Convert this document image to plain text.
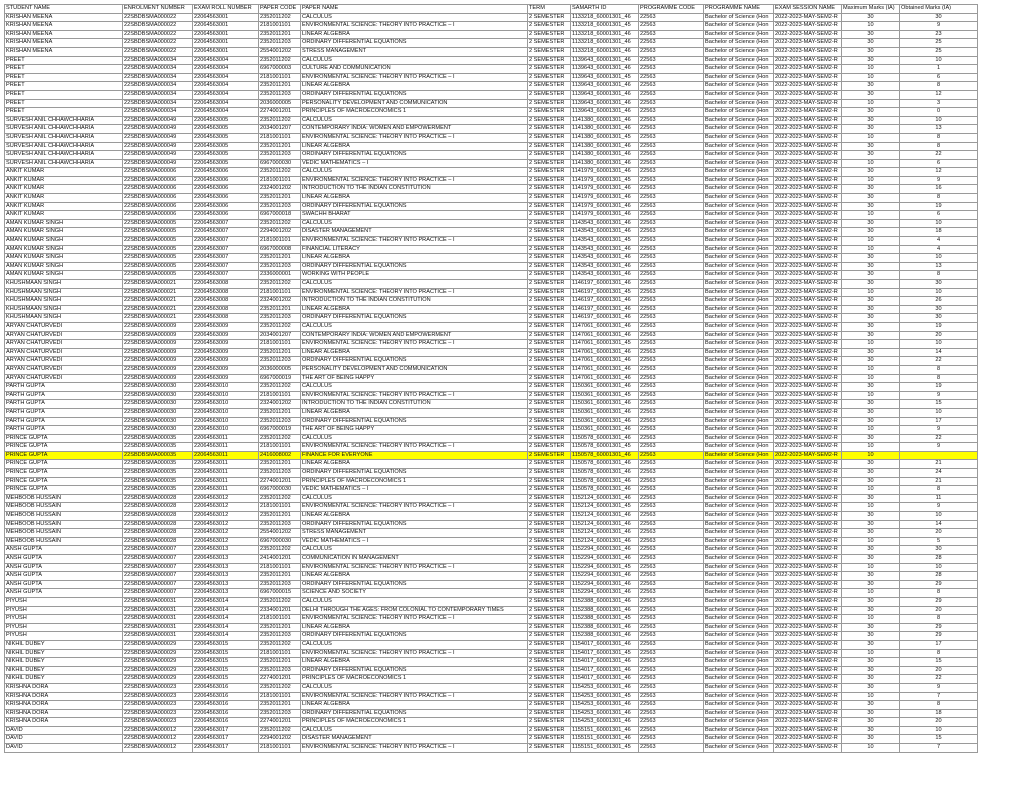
STUDENT NAME	ENROLMENT NUMBER	EXAM ROLL NUMBER	PAPER CODE	PAPER NAME	TERM	SAMARTH ID	PROGRAMME CODE	PROGRAMME NAME	EXAM SESSION NAME	Maximum Marks (IA)	Obtained Marks (IA)
KRISHAN MEENA	22SBDBSMA000022	22064563001	2352011202	CALCULUS	2 SEMESTER	1133218_60001301_46	22563	Bachelor of Science (Hon	2022-2023-MAY-SEM2-R	30	30
KRISHAN MEENA	22SBDBSMA000022	22064563001	2181001101	ENVIRONMENTAL SCIENCE: THEORY INTO PRACTICE – I	2 SEMESTER	1133218_60001301_45	22563	Bachelor of Science (Hon	2022-2023-MAY-SEM2-R	10	9
KRISHAN MEENA	22SBDBSMA000022	22064563001	2352011201	LINEAR ALGEBRA	2 SEMESTER	1133218_60001301_46	22563	Bachelor of Science (Hon	2022-2023-MAY-SEM2-R	30	23
KRISHAN MEENA	22SBDBSMA000022	22064563001	2352011203	ORDINARY DIFFERENTIAL EQUATIONS	2 SEMESTER	1133218_60001301_46	22563	Bachelor of Science (Hon	2022-2023-MAY-SEM2-R	30	25
KRISHAN MEENA	22SBDBSMA000022	22064563001	2554001202	STRESS MANAGEMENT	2 SEMESTER	1133218_60001301_46	22563	Bachelor of Science (Hon	2022-2023-MAY-SEM2-R	30	25
PREET	22SBDBSMA000034	22064563004	2352011202	CALCULUS	2 SEMESTER	1139643_60001301_46	22563	Bachelor of Science (Hon	2022-2023-MAY-SEM2-R	30	10
PREET	22SBDBSMA000034	22064563004	6967000003	CULTURE AND COMMUNICATION	2 SEMESTER	1139643_60001301_46	22563	Bachelor of Science (Hon	2022-2023-MAY-SEM2-R	10	1
PREET	22SBDBSMA000034	22064563004	2181001101	ENVIRONMENTAL SCIENCE: THEORY INTO PRACTICE – I	2 SEMESTER	1139643_60001301_45	22563	Bachelor of Science (Hon	2022-2023-MAY-SEM2-R	10	6
PREET	22SBDBSMA000034	22064563004	2352011201	LINEAR ALGEBRA	2 SEMESTER	1139643_60001301_46	22563	Bachelor of Science (Hon	2022-2023-MAY-SEM2-R	30	8
PREET	22SBDBSMA000034	22064563004	2352011203	ORDINARY DIFFERENTIAL EQUATIONS	2 SEMESTER	1139643_60001301_46	22563	Bachelor of Science (Hon	2022-2023-MAY-SEM2-R	30	12
PREET	22SBDBSMA000034	22064563004	2036000005	PERSONALITY DEVELOPMENT AND COMMUNICATION	2 SEMESTER	1139643_60001301_46	22563	Bachelor of Science (Hon	2022-2023-MAY-SEM2-R	10	3
PREET	22SBDBSMA000034	22064563004	2274001201	PRINCIPLES OF MACROECONOMICS 1	2 SEMESTER	1139643_60001301_46	22563	Bachelor of Science (Hon	2022-2023-MAY-SEM2-R	30	0
SURVESH ANIL CHHAWCHHARIA	22SBDBSMA000049	22064563005	2352011202	CALCULUS	2 SEMESTER	1141380_60001301_46	22563	Bachelor of Science (Hon	2022-2023-MAY-SEM2-R	30	10
SURVESH ANIL CHHAWCHHARIA	22SBDBSMA000049	22064563005	2034001207	CONTEMPORARY INDIA: WOMEN AND EMPOWERMENT	2 SEMESTER	1141380_60001301_46	22563	Bachelor of Science (Hon	2022-2023-MAY-SEM2-R	30	13
SURVESH ANIL CHHAWCHHARIA	22SBDBSMA000049	22064563005	2181001101	ENVIRONMENTAL SCIENCE: THEORY INTO PRACTICE – I	2 SEMESTER	1141380_60001301_45	22563	Bachelor of Science (Hon	2022-2023-MAY-SEM2-R	10	8
SURVESH ANIL CHHAWCHHARIA	22SBDBSMA000049	22064563005	2352011201	LINEAR ALGEBRA	2 SEMESTER	1141380_60001301_46	22563	Bachelor of Science (Hon	2022-2023-MAY-SEM2-R	30	8
SURVESH ANIL CHHAWCHHARIA	22SBDBSMA000049	22064563005	2352011203	ORDINARY DIFFERENTIAL EQUATIONS	2 SEMESTER	1141380_60001301_46	22563	Bachelor of Science (Hon	2022-2023-MAY-SEM2-R	30	22
SURVESH ANIL CHHAWCHHARIA	22SBDBSMA000049	22064563005	6967000030	VEDIC MATHEMATICS – I	2 SEMESTER	1141380_60001301_46	22563	Bachelor of Science (Hon	2022-2023-MAY-SEM2-R	10	6
ANKIT KUMAR	22SBDBSMA000006	22064563006	2352011202	CALCULUS	2 SEMESTER	1141979_60001301_46	22563	Bachelor of Science (Hon	2022-2023-MAY-SEM2-R	30	12
ANKIT KUMAR	22SBDBSMA000006	22064563006	2181001101	ENVIRONMENTAL SCIENCE: THEORY INTO PRACTICE – I	2 SEMESTER	1141979_60001301_45	22563	Bachelor of Science (Hon	2022-2023-MAY-SEM2-R	10	9
ANKIT KUMAR	22SBDBSMA000006	22064563006	2324001202	INTRODUCTION TO THE INDIAN CONSTITUTION	2 SEMESTER	1141979_60001301_46	22563	Bachelor of Science (Hon	2022-2023-MAY-SEM2-R	30	16
ANKIT KUMAR	22SBDBSMA000006	22064563006	2352011201	LINEAR ALGEBRA	2 SEMESTER	1141979_60001301_46	22563	Bachelor of Science (Hon	2022-2023-MAY-SEM2-R	30	8
ANKIT KUMAR	22SBDBSMA000006	22064563006	2352011203	ORDINARY DIFFERENTIAL EQUATIONS	2 SEMESTER	1141979_60001301_46	22563	Bachelor of Science (Hon	2022-2023-MAY-SEM2-R	30	19
ANKIT KUMAR	22SBDBSMA000006	22064563006	6967000018	SWACHH BHARAT	2 SEMESTER	1141979_60001301_46	22563	Bachelor of Science (Hon	2022-2023-MAY-SEM2-R	10	6
AMAN KUMAR SINGH	22SBDBSMA000005	22064563007	2352011202	CALCULUS	2 SEMESTER	1143543_60001301_46	22563	Bachelor of Science (Hon	2022-2023-MAY-SEM2-R	30	10
AMAN KUMAR SINGH	22SBDBSMA000005	22064563007	2294001202	DISASTER MANAGEMENT	2 SEMESTER	1143543_60001301_46	22563	Bachelor of Science (Hon	2022-2023-MAY-SEM2-R	30	18
AMAN KUMAR SINGH	22SBDBSMA000005	22064563007	2181001101	ENVIRONMENTAL SCIENCE: THEORY INTO PRACTICE – I	2 SEMESTER	1143543_60001301_45	22563	Bachelor of Science (Hon	2022-2023-MAY-SEM2-R	10	4
AMAN KUMAR SINGH	22SBDBSMA000005	22064563007	6967000008	FINANCIAL LITERACY	2 SEMESTER	1143543_60001301_46	22563	Bachelor of Science (Hon	2022-2023-MAY-SEM2-R	10	4
AMAN KUMAR SINGH	22SBDBSMA000005	22064563007	2352011201	LINEAR ALGEBRA	2 SEMESTER	1143543_60001301_46	22563	Bachelor of Science (Hon	2022-2023-MAY-SEM2-R	30	10
AMAN KUMAR SINGH	22SBDBSMA000005	22064563007	2352011203	ORDINARY DIFFERENTIAL EQUATIONS	2 SEMESTER	1143543_60001301_46	22563	Bachelor of Science (Hon	2022-2023-MAY-SEM2-R	30	13
AMAN KUMAR SINGH	22SBDBSMA000005	22064563007	2336000001	WORKING WITH PEOPLE	2 SEMESTER	1143543_60001301_46	22563	Bachelor of Science (Hon	2022-2023-MAY-SEM2-R	30	8
KHUSHMAAN SINGH	22SBDBSMA000021	22064563008	2352011202	CALCULUS	2 SEMESTER	1146197_60001301_46	22563	Bachelor of Science (Hon	2022-2023-MAY-SEM2-R	30	30
KHUSHMAAN SINGH	22SBDBSMA000021	22064563008	2181001101	ENVIRONMENTAL SCIENCE: THEORY INTO PRACTICE – I	2 SEMESTER	1146197_60001301_45	22563	Bachelor of Science (Hon	2022-2023-MAY-SEM2-R	10	10
KHUSHMAAN SINGH	22SBDBSMA000021	22064563008	2324001202	INTRODUCTION TO THE INDIAN CONSTITUTION	2 SEMESTER	1146197_60001301_46	22563	Bachelor of Science (Hon	2022-2023-MAY-SEM2-R	30	26
KHUSHMAAN SINGH	22SBDBSMA000021	22064563008	2352011201	LINEAR ALGEBRA	2 SEMESTER	1146197_60001301_46	22563	Bachelor of Science (Hon	2022-2023-MAY-SEM2-R	30	30
KHUSHMAAN SINGH	22SBDBSMA000021	22064563008	2352011203	ORDINARY DIFFERENTIAL EQUATIONS	2 SEMESTER	1146197_60001301_46	22563	Bachelor of Science (Hon	2022-2023-MAY-SEM2-R	30	30
ARYAN CHATURVEDI	22SBDBSMA000009	22064563009	2352011202	CALCULUS	2 SEMESTER	1147061_60001301_46	22563	Bachelor of Science (Hon	2022-2023-MAY-SEM2-R	30	19
ARYAN CHATURVEDI	22SBDBSMA000009	22064563009	2034001207	CONTEMPORARY INDIA: WOMEN AND EMPOWERMENT	2 SEMESTER	1147061_60001301_46	22563	Bachelor of Science (Hon	2022-2023-MAY-SEM2-R	30	20
ARYAN CHATURVEDI	22SBDBSMA000009	22064563009	2181001101	ENVIRONMENTAL SCIENCE: THEORY INTO PRACTICE – I	2 SEMESTER	1147061_60001301_45	22563	Bachelor of Science (Hon	2022-2023-MAY-SEM2-R	10	10
ARYAN CHATURVEDI	22SBDBSMA000009	22064563009	2352011201	LINEAR ALGEBRA	2 SEMESTER	1147061_60001301_46	22563	Bachelor of Science (Hon	2022-2023-MAY-SEM2-R	30	14
ARYAN CHATURVEDI	22SBDBSMA000009	22064563009	2352011203	ORDINARY DIFFERENTIAL EQUATIONS	2 SEMESTER	1147061_60001301_46	22563	Bachelor of Science (Hon	2022-2023-MAY-SEM2-R	30	22
ARYAN CHATURVEDI	22SBDBSMA000009	22064563009	2036000005	PERSONALITY DEVELOPMENT AND COMMUNICATION	2 SEMESTER	1147061_60001301_46	22563	Bachelor of Science (Hon	2022-2023-MAY-SEM2-R	10	8
ARYAN CHATURVEDI	22SBDBSMA000009	22064563009	6967000019	THE ART OF BEING HAPPY	2 SEMESTER	1147061_60001301_46	22563	Bachelor of Science (Hon	2022-2023-MAY-SEM2-R	10	8
PARTH GUPTA	22SBDBSMA000030	22064563010	2352011202	CALCULUS	2 SEMESTER	1150361_60001301_46	22563	Bachelor of Science (Hon	2022-2023-MAY-SEM2-R	30	19
PARTH GUPTA	22SBDBSMA000030	22064563010	2181001101	ENVIRONMENTAL SCIENCE: THEORY INTO PRACTICE – I	2 SEMESTER	1150361_60001301_45	22563	Bachelor of Science (Hon	2022-2023-MAY-SEM2-R	10	9
PARTH GUPTA	22SBDBSMA000030	22064563010	2324001202	INTRODUCTION TO THE INDIAN CONSTITUTION	2 SEMESTER	1150361_60001301_46	22563	Bachelor of Science (Hon	2022-2023-MAY-SEM2-R	30	15
PARTH GUPTA	22SBDBSMA000030	22064563010	2352011201	LINEAR ALGEBRA	2 SEMESTER	1150361_60001301_46	22563	Bachelor of Science (Hon	2022-2023-MAY-SEM2-R	30	10
PARTH GUPTA	22SBDBSMA000030	22064563010	2352011203	ORDINARY DIFFERENTIAL EQUATIONS	2 SEMESTER	1150361_60001301_46	22563	Bachelor of Science (Hon	2022-2023-MAY-SEM2-R	30	17
PARTH GUPTA	22SBDBSMA000030	22064563010	6967000019	THE ART OF BEING HAPPY	2 SEMESTER	1150361_60001301_46	22563	Bachelor of Science (Hon	2022-2023-MAY-SEM2-R	10	9
PRINCE GUPTA	22SBDBSMA000035	22064563011	2352011202	CALCULUS	2 SEMESTER	1150578_60001301_46	22563	Bachelor of Science (Hon	2022-2023-MAY-SEM2-R	30	22
PRINCE GUPTA	22SBDBSMA000035	22064563011	2181001101	ENVIRONMENTAL SCIENCE: THEORY INTO PRACTICE – I	2 SEMESTER	1150578_60001301_45	22563	Bachelor of Science (Hon	2022-2023-MAY-SEM2-R	10	9
PRINCE GUPTA	22SBDBSMA000035	22064563011	2416008002	FINANCE FOR EVERYONE	2 SEMESTER	1150578_60001301_46	22563	Bachelor of Science (Hon	2022-2023-MAY-SEM2-R	10	
PRINCE GUPTA	22SBDBSMA000035	22064563011	2352011201	LINEAR ALGEBRA	2 SEMESTER	1150578_60001301_46	22563	Bachelor of Science (Hon	2022-2023-MAY-SEM2-R	30	21
PRINCE GUPTA	22SBDBSMA000035	22064563011	2352011203	ORDINARY DIFFERENTIAL EQUATIONS	2 SEMESTER	1150578_60001301_46	22563	Bachelor of Science (Hon	2022-2023-MAY-SEM2-R	30	24
PRINCE GUPTA	22SBDBSMA000035	22064563011	2274001201	PRINCIPLES OF MACROECONOMICS 1	2 SEMESTER	1150578_60001301_46	22563	Bachelor of Science (Hon	2022-2023-MAY-SEM2-R	30	21
PRINCE GUPTA	22SBDBSMA000035	22064563011	6967000030	VEDIC MATHEMATICS – I	2 SEMESTER	1150578_60001301_46	22563	Bachelor of Science (Hon	2022-2023-MAY-SEM2-R	10	8
MEHBOOB HUSSAIN	22SBDBSMA000028	22064563012	2352011202	CALCULUS	2 SEMESTER	1152124_60001301_46	22563	Bachelor of Science (Hon	2022-2023-MAY-SEM2-R	30	11
MEHBOOB HUSSAIN	22SBDBSMA000028	22064563012	2181001101	ENVIRONMENTAL SCIENCE: THEORY INTO PRACTICE – I	2 SEMESTER	1152124_60001301_45	22563	Bachelor of Science (Hon	2022-2023-MAY-SEM2-R	10	9
MEHBOOB HUSSAIN	22SBDBSMA000028	22064563012	2352011201	LINEAR ALGEBRA	2 SEMESTER	1152124_60001301_46	22563	Bachelor of Science (Hon	2022-2023-MAY-SEM2-R	30	10
MEHBOOB HUSSAIN	22SBDBSMA000028	22064563012	2352011203	ORDINARY DIFFERENTIAL EQUATIONS	2 SEMESTER	1152124_60001301_46	22563	Bachelor of Science (Hon	2022-2023-MAY-SEM2-R	30	14
MEHBOOB HUSSAIN	22SBDBSMA000028	22064563012	2554001202	STRESS MANAGEMENT	2 SEMESTER	1152124_60001301_46	22563	Bachelor of Science (Hon	2022-2023-MAY-SEM2-R	30	20
MEHBOOB HUSSAIN	22SBDBSMA000028	22064563012	6967000030	VEDIC MATHEMATICS – I	2 SEMESTER	1152124_60001301_46	22563	Bachelor of Science (Hon	2022-2023-MAY-SEM2-R	10	5
ANSH GUPTA	22SBDBSMA000007	22064563013	2352011202	CALCULUS	2 SEMESTER	1152294_60001301_46	22563	Bachelor of Science (Hon	2022-2023-MAY-SEM2-R	30	30
ANSH GUPTA	22SBDBSMA000007	22064563013	2414001201	COMMUNICATION IN MANAGEMENT	2 SEMESTER	1152294_60001301_46	22563	Bachelor of Science (Hon	2022-2023-MAY-SEM2-R	30	28
ANSH GUPTA	22SBDBSMA000007	22064563013	2181001101	ENVIRONMENTAL SCIENCE: THEORY INTO PRACTICE – I	2 SEMESTER	1152294_60001301_45	22563	Bachelor of Science (Hon	2022-2023-MAY-SEM2-R	10	10
ANSH GUPTA	22SBDBSMA000007	22064563013	2352011201	LINEAR ALGEBRA	2 SEMESTER	1152294_60001301_46	22563	Bachelor of Science (Hon	2022-2023-MAY-SEM2-R	30	28
ANSH GUPTA	22SBDBSMA000007	22064563013	2352011203	ORDINARY DIFFERENTIAL EQUATIONS	2 SEMESTER	1152294_60001301_46	22563	Bachelor of Science (Hon	2022-2023-MAY-SEM2-R	30	29
ANSH GUPTA	22SBDBSMA000007	22064563013	6967000015	SCIENCE AND SOCIETY	2 SEMESTER	1152294_60001301_46	22563	Bachelor of Science (Hon	2022-2023-MAY-SEM2-R	10	8
PIYUSH	22SBDBSMA000031	22064563014	2352011202	CALCULUS	2 SEMESTER	1152388_60001301_46	22563	Bachelor of Science (Hon	2022-2023-MAY-SEM2-R	30	29
PIYUSH	22SBDBSMA000031	22064563014	2334001201	DELHI THROUGH THE AGES: FROM COLONIAL TO CONTEMPORARY TIMES	2 SEMESTER	1152388_60001301_46	22563	Bachelor of Science (Hon	2022-2023-MAY-SEM2-R	30	20
PIYUSH	22SBDBSMA000031	22064563014	2181001101	ENVIRONMENTAL SCIENCE: THEORY INTO PRACTICE – I	2 SEMESTER	1152388_60001301_45	22563	Bachelor of Science (Hon	2022-2023-MAY-SEM2-R	10	8
PIYUSH	22SBDBSMA000031	22064563014	2352011201	LINEAR ALGEBRA	2 SEMESTER	1152388_60001301_46	22563	Bachelor of Science (Hon	2022-2023-MAY-SEM2-R	30	29
PIYUSH	22SBDBSMA000031	22064563014	2352011203	ORDINARY DIFFERENTIAL EQUATIONS	2 SEMESTER	1152388_60001301_46	22563	Bachelor of Science (Hon	2022-2023-MAY-SEM2-R	30	29
NIKHIL DUBEY	22SBDBSMA000029	22064563015	2352011202	CALCULUS	2 SEMESTER	1154017_60001301_46	22563	Bachelor of Science (Hon	2022-2023-MAY-SEM2-R	30	17
NIKHIL DUBEY	22SBDBSMA000029	22064563015	2181001101	ENVIRONMENTAL SCIENCE: THEORY INTO PRACTICE – I	2 SEMESTER	1154017_60001301_45	22563	Bachelor of Science (Hon	2022-2023-MAY-SEM2-R	10	8
NIKHIL DUBEY	22SBDBSMA000029	22064563015	2352011201	LINEAR ALGEBRA	2 SEMESTER	1154017_60001301_46	22563	Bachelor of Science (Hon	2022-2023-MAY-SEM2-R	30	15
NIKHIL DUBEY	22SBDBSMA000029	22064563015	2352011203	ORDINARY DIFFERENTIAL EQUATIONS	2 SEMESTER	1154017_60001301_46	22563	Bachelor of Science (Hon	2022-2023-MAY-SEM2-R	30	20
NIKHIL DUBEY	22SBDBSMA000029	22064563015	2274001201	PRINCIPLES OF MACROECONOMICS 1	2 SEMESTER	1154017_60001301_46	22563	Bachelor of Science (Hon	2022-2023-MAY-SEM2-R	30	22
KRISHNA DORA	22SBDBSMA000023	22064563016	2352011202	CALCULUS	2 SEMESTER	1154253_60001301_46	22563	Bachelor of Science (Hon	2022-2023-MAY-SEM2-R	30	9
KRISHNA DORA	22SBDBSMA000023	22064563016	2181001101	ENVIRONMENTAL SCIENCE: THEORY INTO PRACTICE – I	2 SEMESTER	1154253_60001301_45	22563	Bachelor of Science (Hon	2022-2023-MAY-SEM2-R	10	7
KRISHNA DORA	22SBDBSMA000023	22064563016	2352011201	LINEAR ALGEBRA	2 SEMESTER	1154253_60001301_46	22563	Bachelor of Science (Hon	2022-2023-MAY-SEM2-R	30	8
KRISHNA DORA	22SBDBSMA000023	22064563016	2352011203	ORDINARY DIFFERENTIAL EQUATIONS	2 SEMESTER	1154253_60001301_46	22563	Bachelor of Science (Hon	2022-2023-MAY-SEM2-R	30	18
KRISHNA DORA	22SBDBSMA000023	22064563016	2274001201	PRINCIPLES OF MACROECONOMICS 1	2 SEMESTER	1154253_60001301_46	22563	Bachelor of Science (Hon	2022-2023-MAY-SEM2-R	30	20
DAVID	22SBDBSMA000012	22064563017	2352011202	CALCULUS	2 SEMESTER	1155151_60001301_46	22563	Bachelor of Science (Hon	2022-2023-MAY-SEM2-R	30	10
DAVID	22SBDBSMA000012	22064563017	2294001202	DISASTER MANAGEMENT	2 SEMESTER	1155151_60001301_46	22563	Bachelor of Science (Hon	2022-2023-MAY-SEM2-R	30	15
DAVID	22SBDBSMA000012	22064563017	2181001101	ENVIRONMENTAL SCIENCE: THEORY INTO PRACTICE – I	2 SEMESTER	1155151_60001301_45	22563	Bachelor of Science (Hon	2022-2023-MAY-SEM2-R	10	7
